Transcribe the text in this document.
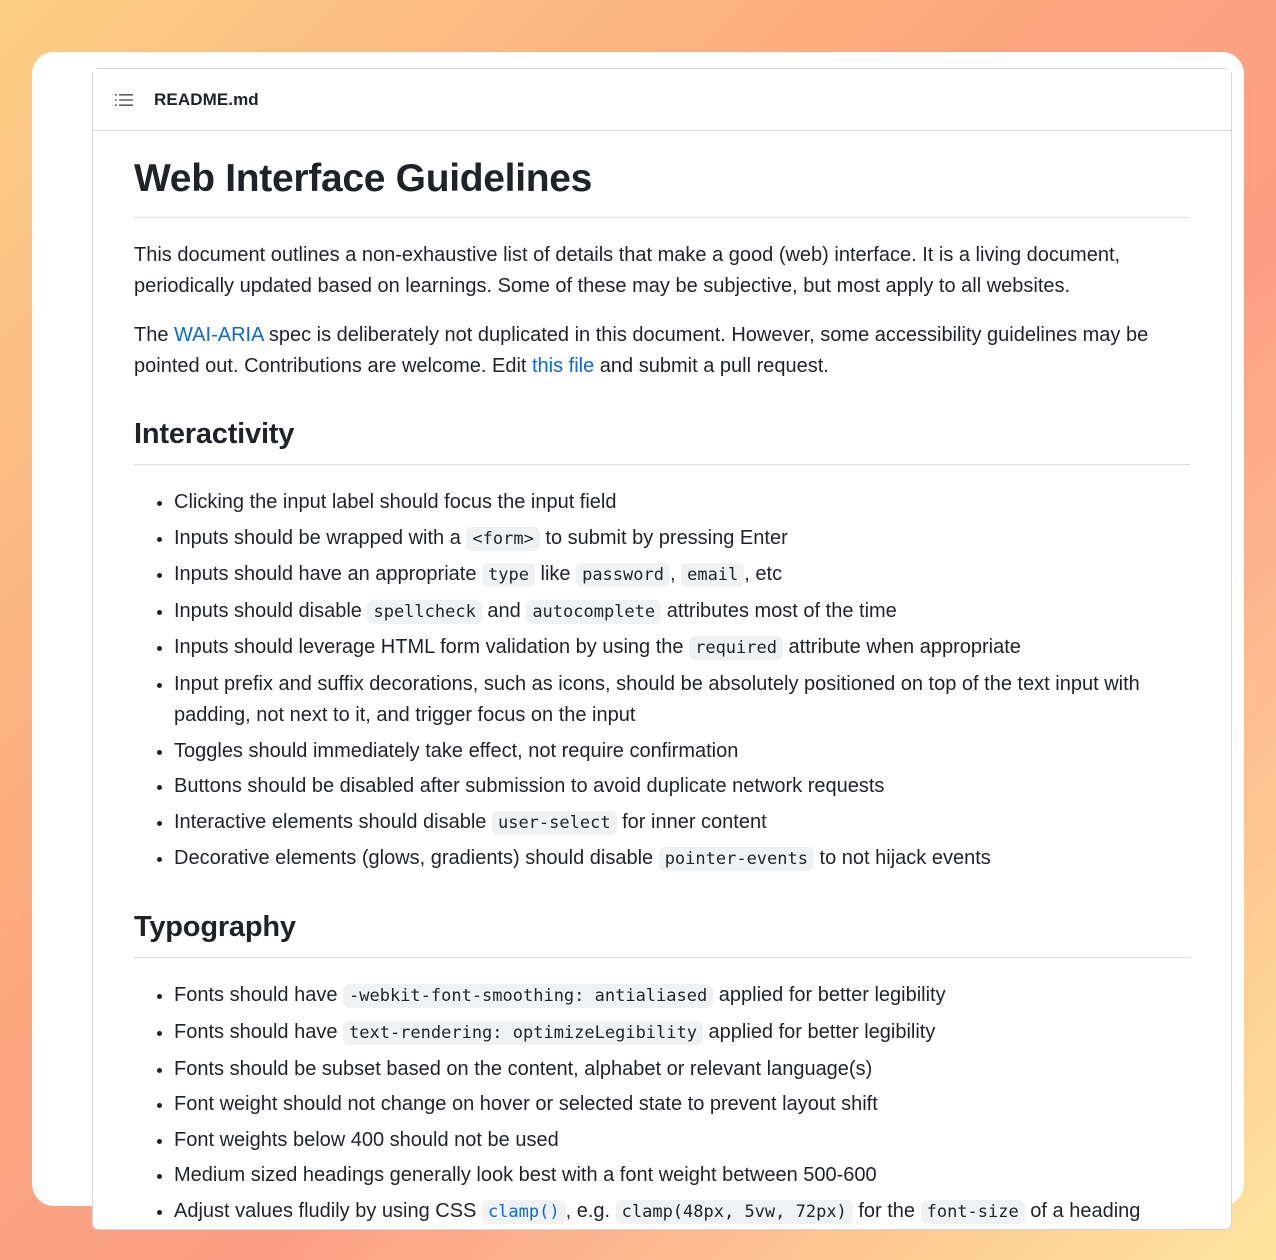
README.md
Web Interface Guidelines

This document outlines a non-exhaustive list of details that make a good (web) interface. It is a living document, periodically updated based on learnings. Some of these may be subjective, but most apply to all websites.

The WAI-ARIA spec is deliberately not duplicated in this document. However, some accessibility guidelines may be pointed out. Contributions are welcome. Edit this file and submit a pull request.

Interactivity
Clicking the input label should focus the input field
Inputs should be wrapped with a <form> to submit by pressing Enter
Inputs should have an appropriate type like password , email , etc
Inputs should disable spellcheck and autocomplete attributes most of the time
Inputs should leverage HTML form validation by using the required attribute when appropriate
Input prefix and suffix decorations, such as icons, should be absolutely positioned on top of the text input with padding, not next to it, and trigger focus on the input
Toggles should immediately take effect, not require confirmation
Buttons should be disabled after submission to avoid duplicate network requests
Interactive elements should disable user-select for inner content
Decorative elements (glows, gradients) should disable pointer-events to not hijack events
Typography
Fonts should have -webkit-font-smoothing: antialiased applied for better legibility
Fonts should have text-rendering: optimizeLegibility applied for better legibility
Fonts should be subset based on the content, alphabet or relevant language(s)
Font weight should not change on hover or selected state to prevent layout shift
Font weights below 400 should not be used
Medium sized headings generally look best with a font weight between 500-600
Adjust values fludily by using CSS clamp() , e.g. clamp(48px, 5vw, 72px) for the font-size of a heading
